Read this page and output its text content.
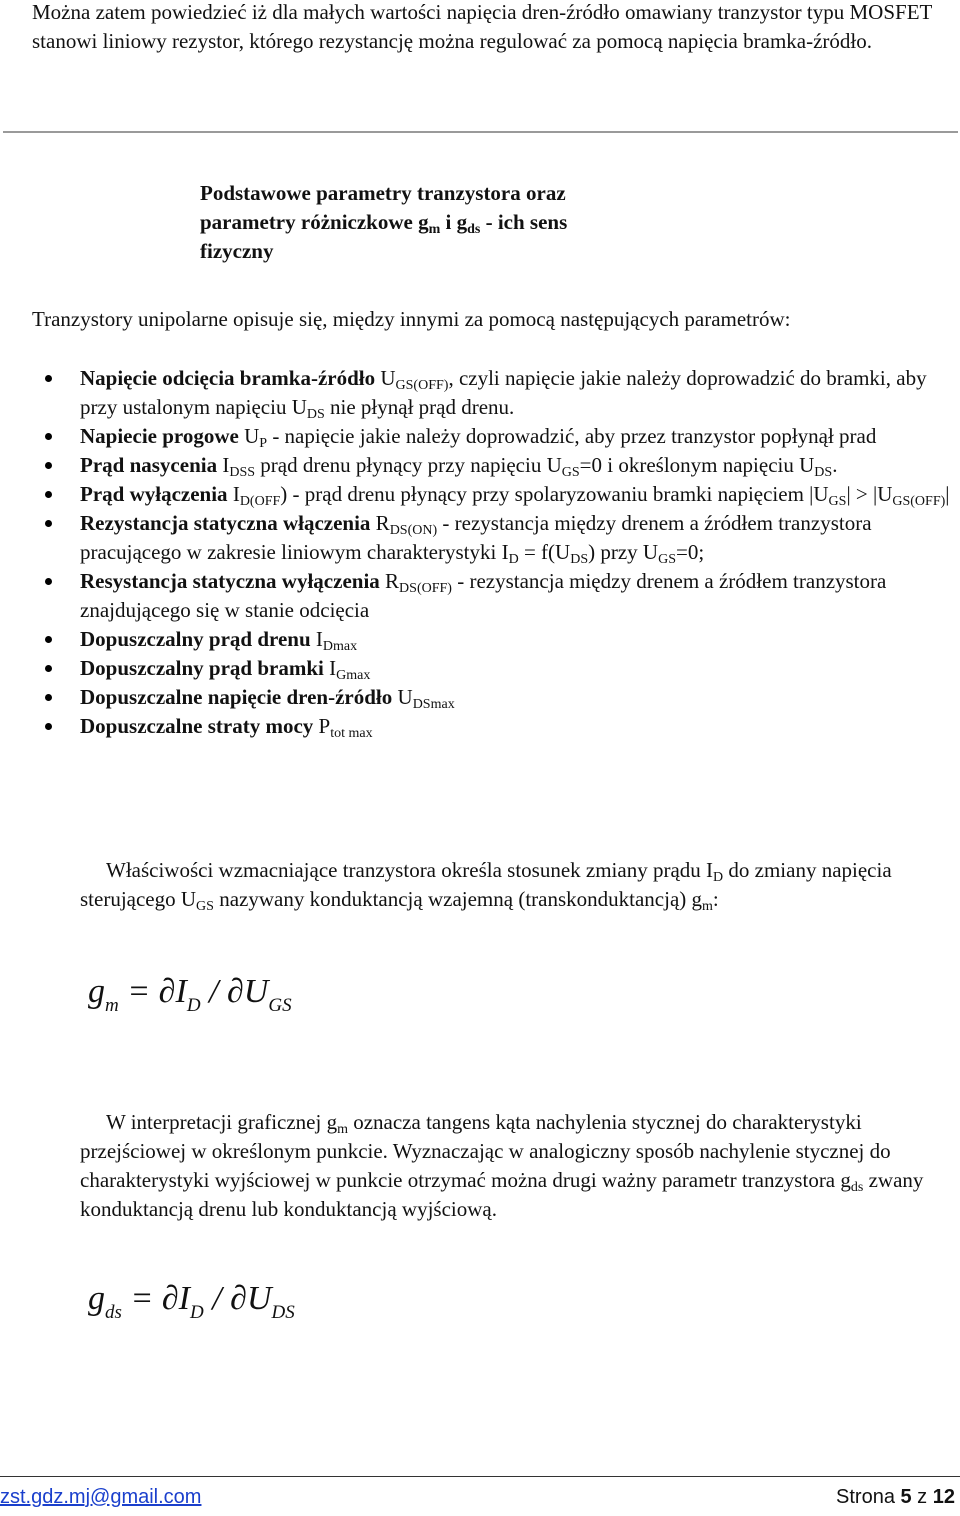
Można zatem powiedzieć iż dla małych wartości napięcia dren-źródło omawiany tranzystor typu MOSFET stanowi liniowy rezystor, którego rezystancję można regulować za pomocą napięcia bramka-źródło.
Podstawowe parametry tranzystora oraz
parametry różniczkowe $g_m$ i $g_{ds}$ - ich sens
fizyczny
Tranzystory unipolarne opisuje się, między innymi za pomocą następujących parametrów:
Napięcie odcięcia bramka-źródło $U_{GS(OFF)}$, czyli napięcie jakie należy doprowadzić do bramki, aby przy ustalonym napięciu $U_{DS}$ nie płynął prąd drenu.
Napiecie progowe $U_P$ - napięcie jakie należy doprowadzić, aby przez tranzystor popłynął prad
Prąd nasycenia $I_{DSS}$ prąd drenu płynący przy napięciu $U_{GS}=0$ i określonym napięciu $U_{DS}$.
Prąd wyłączenia $I_{D(OFF}$) - prąd drenu płynący przy spolaryzowaniu bramki napięciem $|U_{GS}| > |U_{GS(OFF)}|$
Rezystancja statyczna włączenia $R_{DS(ON)}$ - rezystancja między drenem a źródłem tranzystora pracującego w zakresie liniowym charakterystyki $I_D = f(U_{DS})$ przy $U_{GS}=0$;
Resystancja statyczna wyłączenia $R_{DS(OFF)}$ - rezystancja między drenem a źródłem tranzystora znajdującego się w stanie odcięcia
Dopuszczalny prąd drenu $I_{Dmax}$
Dopuszczalny prąd bramki $I_{Gmax}$
Dopuszczalne napięcie dren-źródło $U_{DSmax}$
Dopuszczalne straty mocy $P_{tot max}$
Właściwości wzmacniające tranzystora określa stosunek zmiany prądu $I_D$ do zmiany napięcia sterującego $U_{GS}$ nazywany konduktancją wzajemną (transkonduktancją) $g_m$:
$g_m = \partial I_D / \partial U_{GS}$
W interpretacji graficznej $g_m$ oznacza tangens kąta nachylenia stycznej do charakterystyki przejściowej w określonym punkcie. Wyznaczając w analogiczny sposób nachylenie stycznej do charakterystyki wyjściowej w punkcie otrzymać można drugi ważny parametr tranzystora $g_{ds}$ zwany konduktancją drenu lub konduktancją wyjściową.
$g_{ds} = \partial I_D / \partial U_{DS}$
zst.gdz.mj@gmail.com	Strona 5 z 12
